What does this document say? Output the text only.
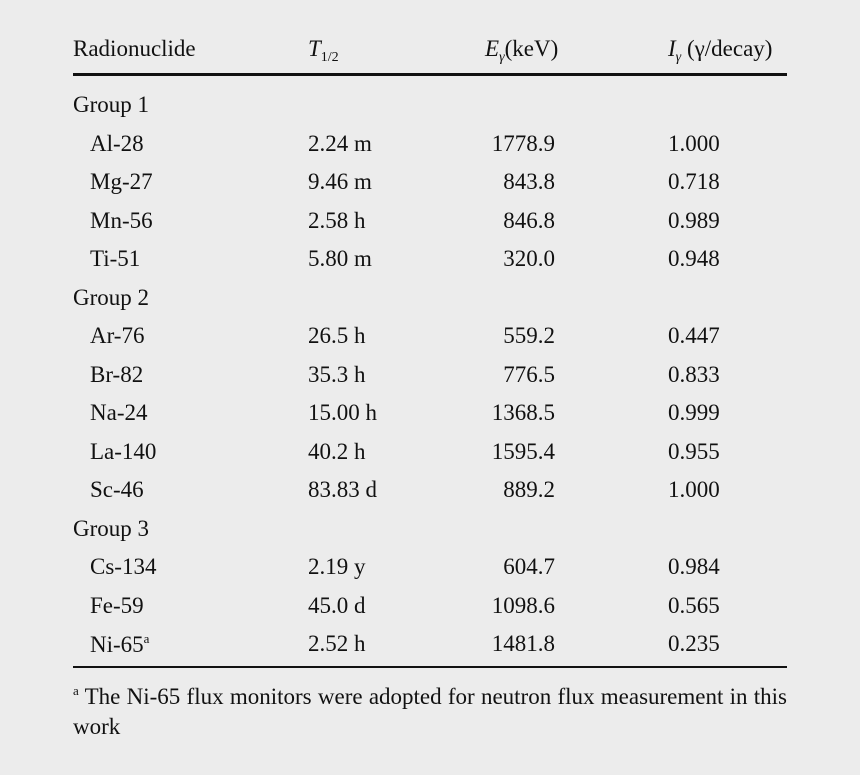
Radionuclide	$T_{1/2}$	$E_\gamma(keV)$	$I_\gamma$ (γ/decay)
Group 1
Al-28	2.24 m	1778.9	1.000
Mg-27	9.46 m	843.8	0.718
Mn-56	2.58 h	846.8	0.989
Ti-51	5.80 m	320.0	0.948
Group 2
Ar-76	26.5 h	559.2	0.447
Br-82	35.3 h	776.5	0.833
Na-24	15.00 h	1368.5	0.999
La-140	40.2 h	1595.4	0.955
Sc-46	83.83 d	889.2	1.000
Group 3
Cs-134	2.19 y	604.7	0.984
Fe-59	45.0 d	1098.6	0.565
Ni-65$^a$	2.52 h	1481.8	0.235
$^a$ The Ni-65 flux monitors were adopted for neutron flux measurement in this work
